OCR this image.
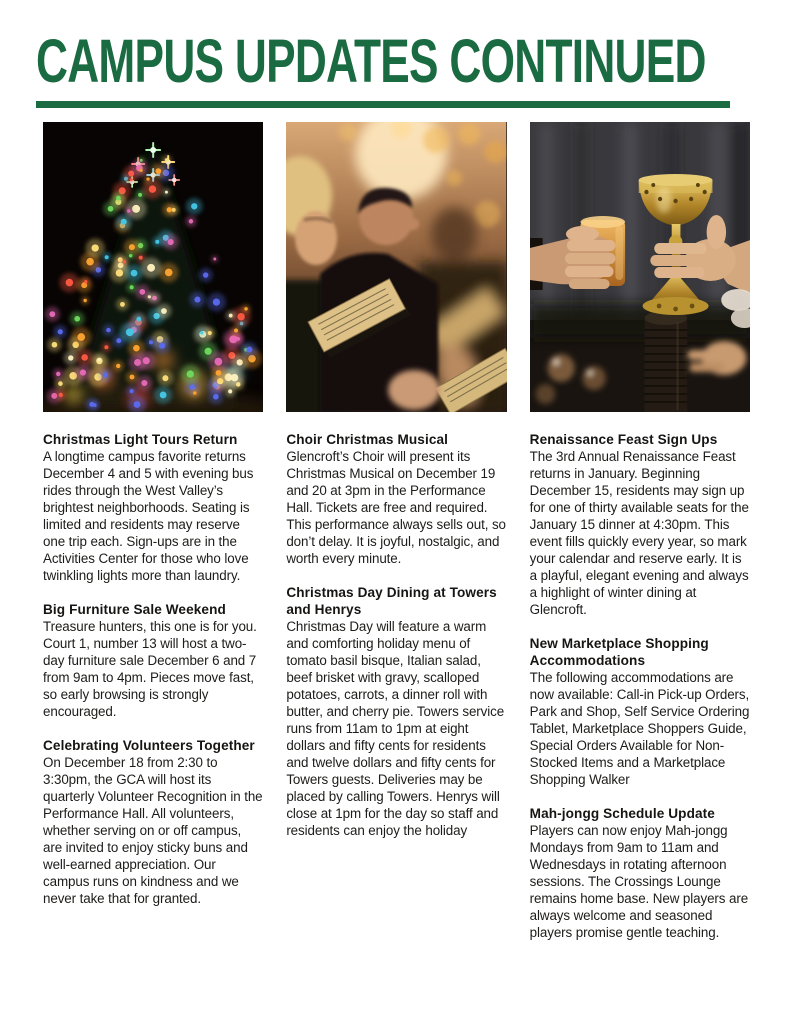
CAMPUS UPDATES CONTINUED
Christmas Light Tours Return

A longtime campus favorite returns December 4 and 5 with evening bus rides through the West Valley’s brightest neighborhoods. Seating is limited and residents may reserve one trip each. Sign-ups are in the Activities Center for those who love twinkling lights more than laundry.

Big Furniture Sale Weekend

Treasure hunters, this one is for you. Court 1, number 13 will host a two-day furniture sale December 6 and 7 from 9am to 4pm. Pieces move fast, so early browsing is strongly encouraged.

Celebrating Volunteers Together

On December 18 from 2:30 to 3:30pm, the GCA will host its quarterly Volunteer Recognition in the Performance Hall. All volunteers, whether serving on or off campus, are invited to enjoy sticky buns and well-earned appreciation. Our campus runs on kindness and we never take that for granted.

Choir Christmas Musical

Glencroft’s Choir will present its Christmas Musical on December 19 and 20 at 3pm in the Performance Hall. Tickets are free and required. This performance always sells out, so don’t delay. It is joyful, nostalgic, and worth every minute.

Christmas Day Dining at Towers and Henrys

Christmas Day will feature a warm and comforting holiday menu of tomato basil bisque, Italian salad, beef brisket with gravy, scalloped potatoes, carrots, a dinner roll with butter, and cherry pie. Towers service runs from 11am to 1pm at eight dollars and fifty cents for residents and twelve dollars and fifty cents for Towers guests. Deliveries may be placed by calling Towers. Henrys will close at 1pm for the day so staff and residents can enjoy the holiday

Renaissance Feast Sign Ups

The 3rd Annual Renaissance Feast returns in January. Beginning December 15, residents may sign up for one of thirty available seats for the January 15 dinner at 4:30pm. This event fills quickly every year, so mark your calendar and reserve early. It is a playful, elegant evening and always a highlight of winter dining at Glencroft.

New Marketplace Shopping Accommodations

The following accommodations are now available: Call-in Pick-up Orders, Park and Shop, Self Service Ordering Tablet, Marketplace Shoppers Guide, Special Orders Available for Non-Stocked Items and a Marketplace Shopping Walker

Mah-jongg Schedule Update

Players can now enjoy Mah-jongg Mondays from 9am to 11am and Wednesdays in rotating afternoon sessions. The Crossings Lounge remains home base. New players are always welcome and seasoned players promise gentle teaching.
